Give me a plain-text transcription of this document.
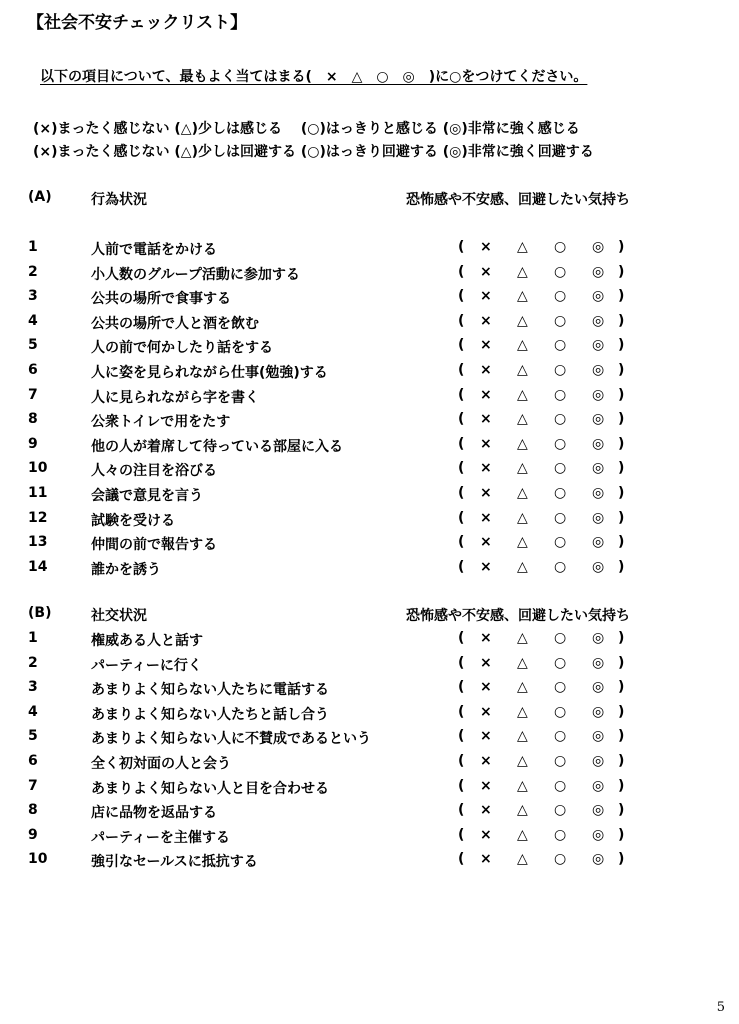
【社会不安チェックリスト】
以下の項目について、最もよく当てはまる(　×　△　○　◎　)に○をつけてください。
(×)まったく感じない (△)少しは感じる　 (○)はっきりと感じる (◎)非常に強く感じる
(×)まったく感じない (△)少しは回避する (○)はっきり回避する (◎)非常に強く回避する
(A)	行為状況	恐怖感や不安感、回避したい気持ち
1	人前で電話をかける	( × △ ○ ◎ )
2	小人数のグループ活動に参加する	( × △ ○ ◎ )
3	公共の場所で食事する	( × △ ○ ◎ )
4	公共の場所で人と酒を飲む	( × △ ○ ◎ )
5	人の前で何かしたり話をする	( × △ ○ ◎ )
6	人に姿を見られながら仕事(勉強)する	( × △ ○ ◎ )
7	人に見られながら字を書く	( × △ ○ ◎ )
8	公衆トイレで用をたす	( × △ ○ ◎ )
9	他の人が着席して待っている部屋に入る	( × △ ○ ◎ )
10	人々の注目を浴びる	( × △ ○ ◎ )
11	会議で意見を言う	( × △ ○ ◎ )
12	試験を受ける	( × △ ○ ◎ )
13	仲間の前で報告する	( × △ ○ ◎ )
14	誰かを誘う	( × △ ○ ◎ )
(B)	社交状況	恐怖感や不安感、回避したい気持ち
1	権威ある人と話す	( × △ ○ ◎ )
2	パーティーに行く	( × △ ○ ◎ )
3	あまりよく知らない人たちに電話する	( × △ ○ ◎ )
4	あまりよく知らない人たちと話し合う	( × △ ○ ◎ )
5	あまりよく知らない人に不賛成であるという	( × △ ○ ◎ )
6	全く初対面の人と会う	( × △ ○ ◎ )
7	あまりよく知らない人と目を合わせる	( × △ ○ ◎ )
8	店に品物を返品する	( × △ ○ ◎ )
9	パーティーを主催する	( × △ ○ ◎ )
10	強引なセールスに抵抗する	( × △ ○ ◎ )
5
